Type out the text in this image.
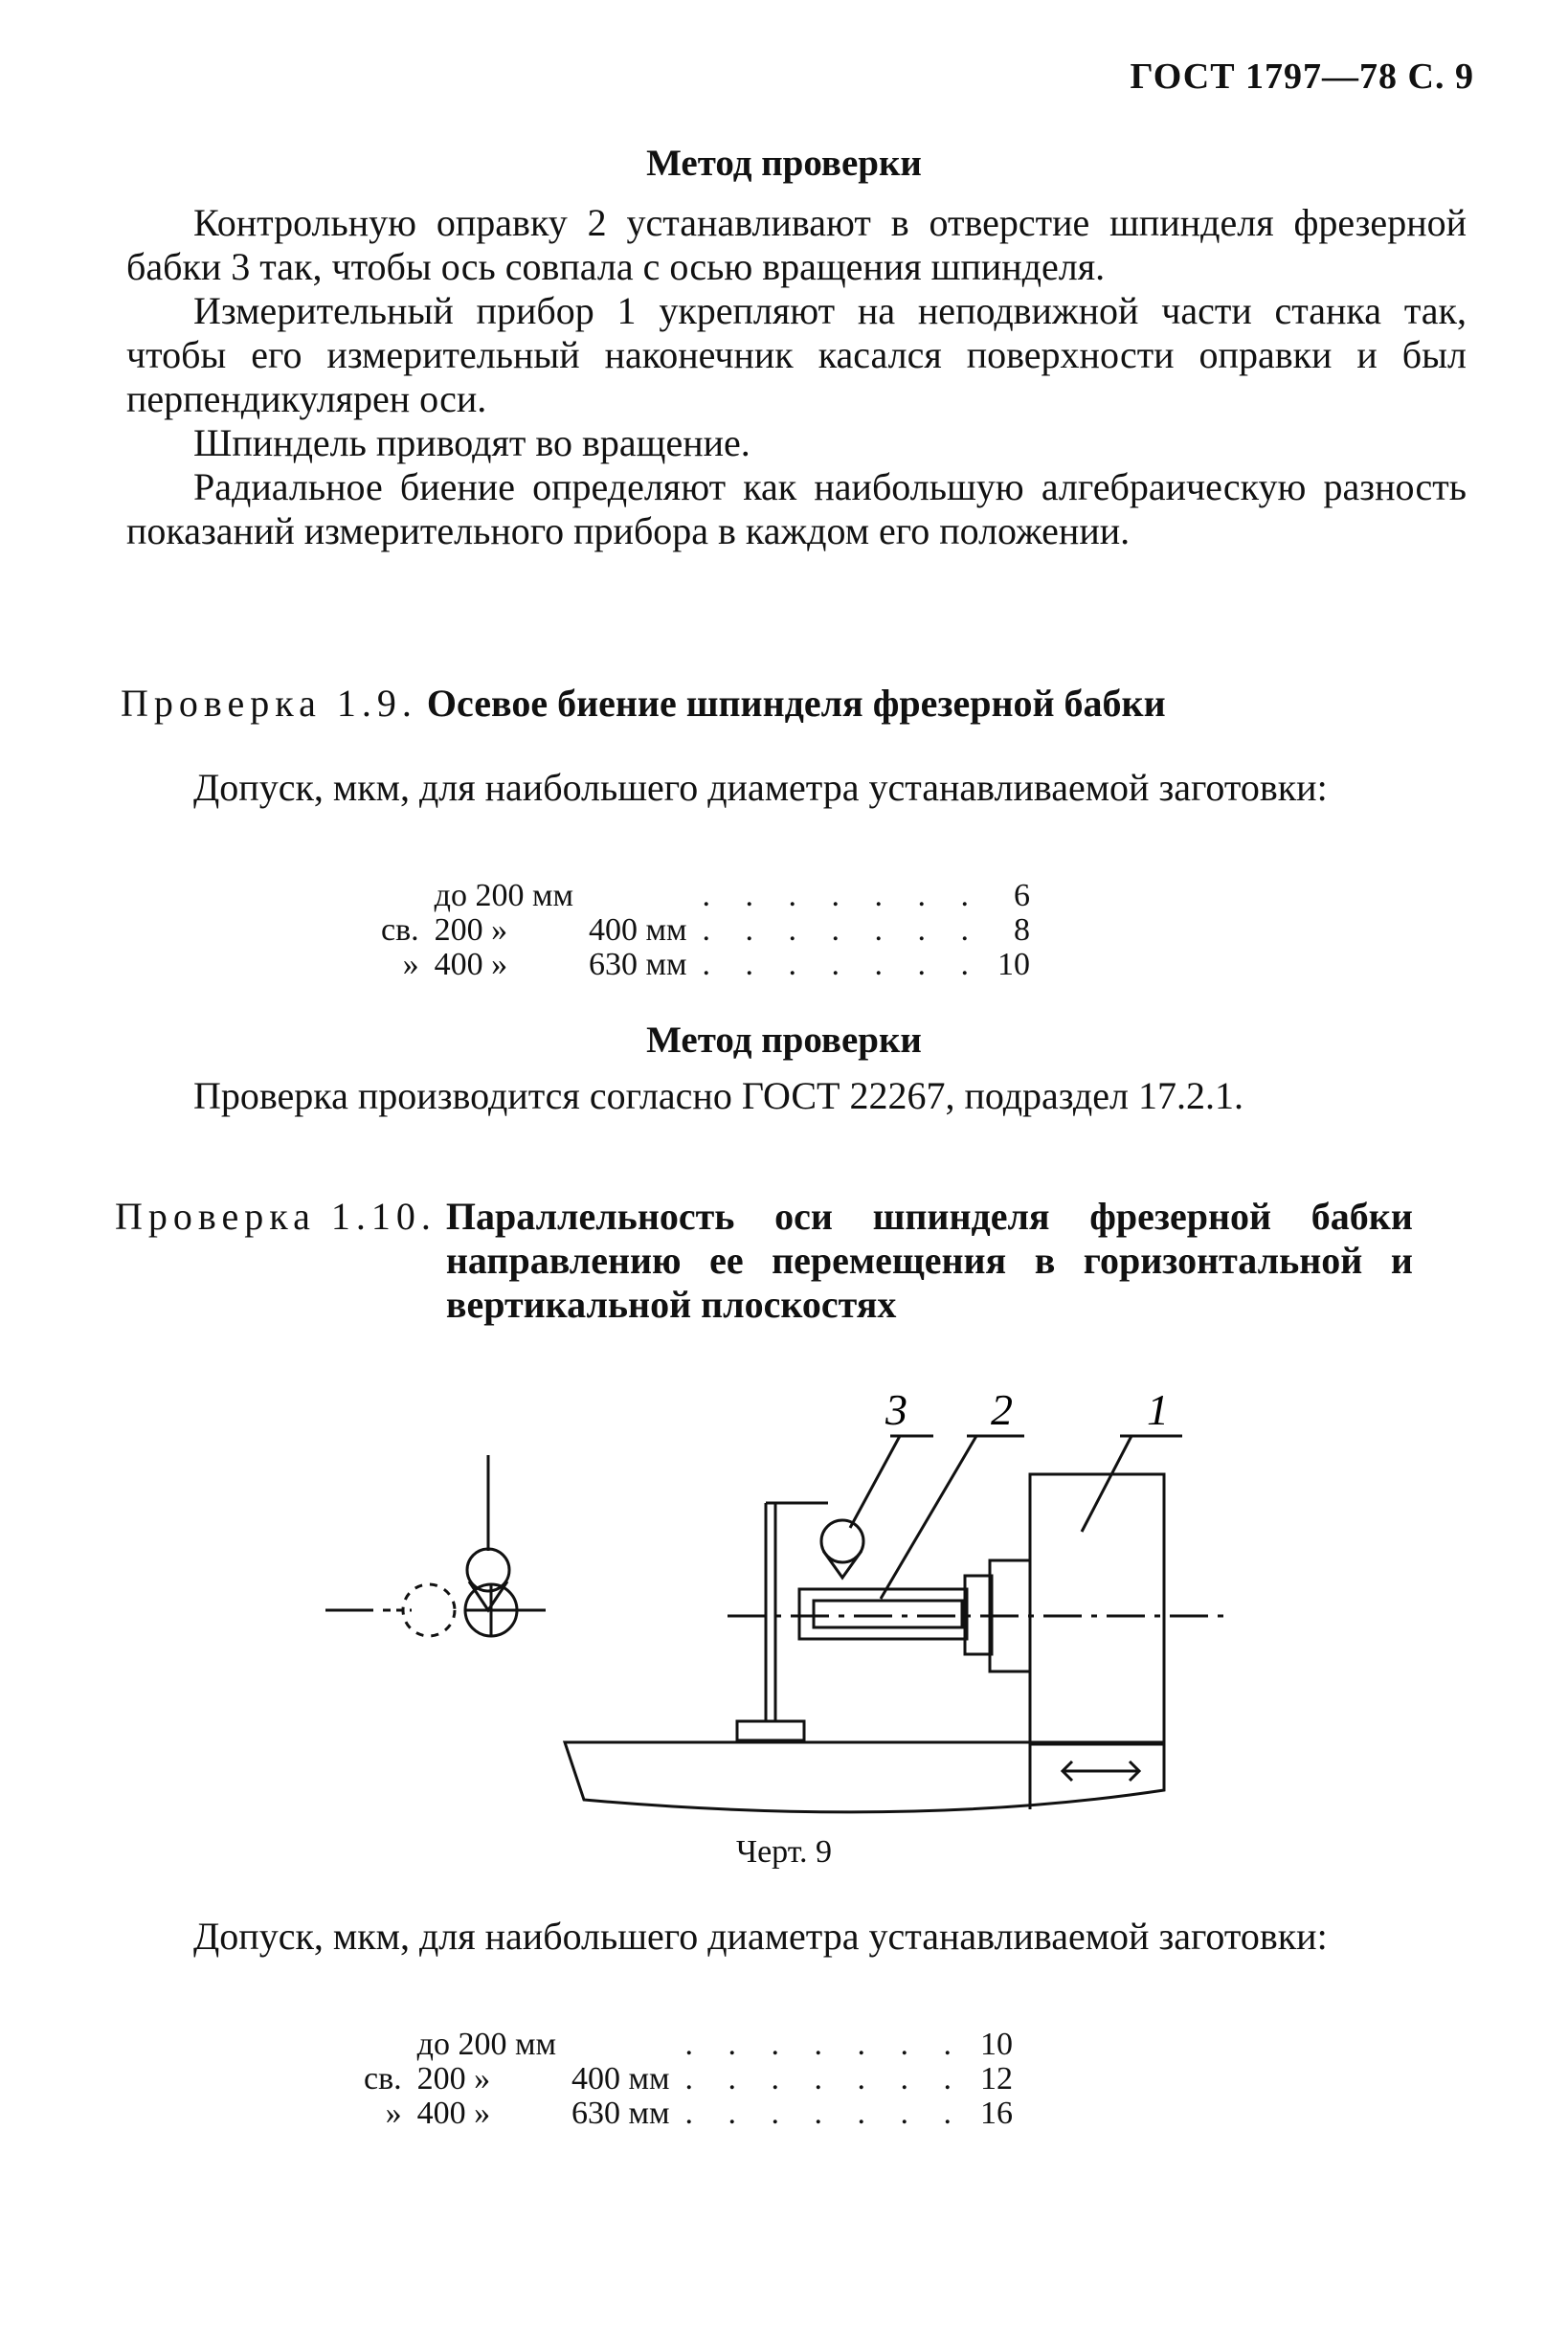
ГОСТ 1797—78 С. 9
Метод проверки

Контрольную оправку 2 устанавливают в отверстие шпинделя фрезерной бабки 3 так, чтобы ось совпала с осью вращения шпинделя.

Измерительный прибор 1 укрепляют на неподвижной части станка так, чтобы его измерительный наконечник касался поверхности оправки и был перпендикулярен оси.

Шпиндель приводят во вращение.

Радиальное биение определяют как наибольшую алгебраическую разность показаний измерительного прибора в каждом его положении.

Проверка 1.9. Осевое биение шпинделя фрезерной бабки

Допуск, мкм, для наибольшего диаметра устанавливаемой заготовки:

	до 200 мм		. . . . . . .	6
св.	200 »	400 мм	. . . . . . .	8
»	400 »	630 мм	. . . . . . .	10
Метод проверки

Проверка производится согласно ГОСТ 22267, подраздел 17.2.1.

Проверка 1.10. Параллельность оси шпинделя фрезерной бабки направлению ее перемещения в горизонтальной и вертикальной плоскостях
3 2	1
Черт. 9

Допуск, мкм, для наибольшего диаметра устанавливаемой заготовки:

	до 200 мм		. . . . . . .	10
св.	200 »	400 мм	. . . . . . .	12
»	400 »	630 мм	. . . . . . .	16
